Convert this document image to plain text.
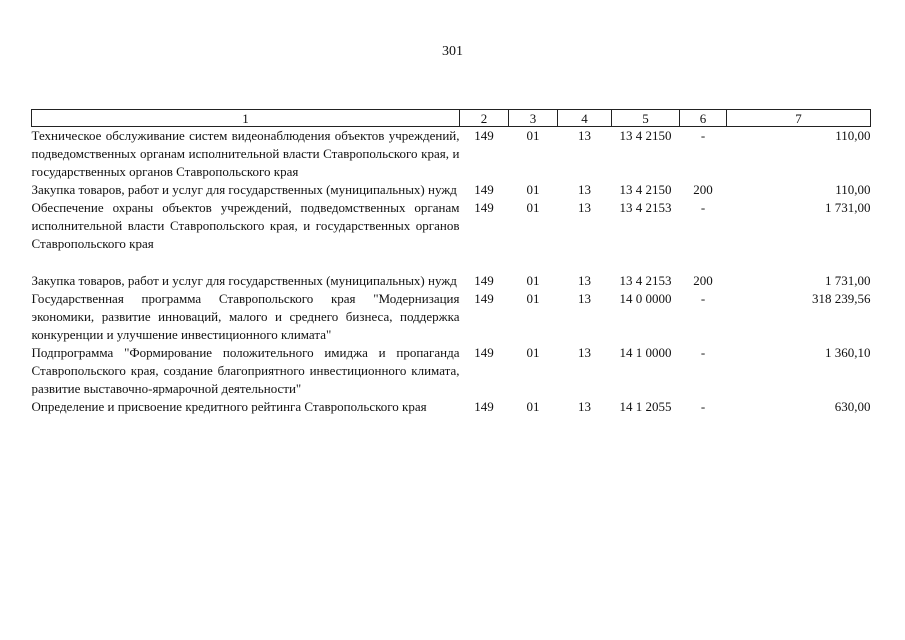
301
1	2	3	4	5	6	7
Техническое обслуживание систем видеонаблюдения объектов учреждений, подведомственных органам исполнительной власти Ставропольского края, и государственных органов Ставропольского края	149	01	13	13 4 2150	-	110,00
Закупка товаров, работ и услуг для государственных (муниципальных) нужд	149	01	13	13 4 2150	200	110,00
Обеспечение охраны объектов учреждений, подведомственных органам исполнительной власти Ставропольского края, и государственных органов Ставропольского края	149	01	13	13 4 2153	-	1 731,00

Закупка товаров, работ и услуг для государственных (муниципальных) нужд	149	01	13	13 4 2153	200	1 731,00
Государственная программа Ставропольского края "Модернизация экономики, развитие инноваций, малого и среднего бизнеса, поддержка конкуренции и улучшение инвестиционного климата"	149	01	13	14 0 0000	-	318 239,56
Подпрограмма "Формирование положительного имиджа и пропаганда Ставропольского края, создание благоприятного инвестиционного климата, развитие выставочно-ярмарочной деятельности"	149	01	13	14 1 0000	-	1 360,10
Определение и присвоение кредитного рейтинга Ставропольского края	149	01	13	14 1 2055	-	630,00
